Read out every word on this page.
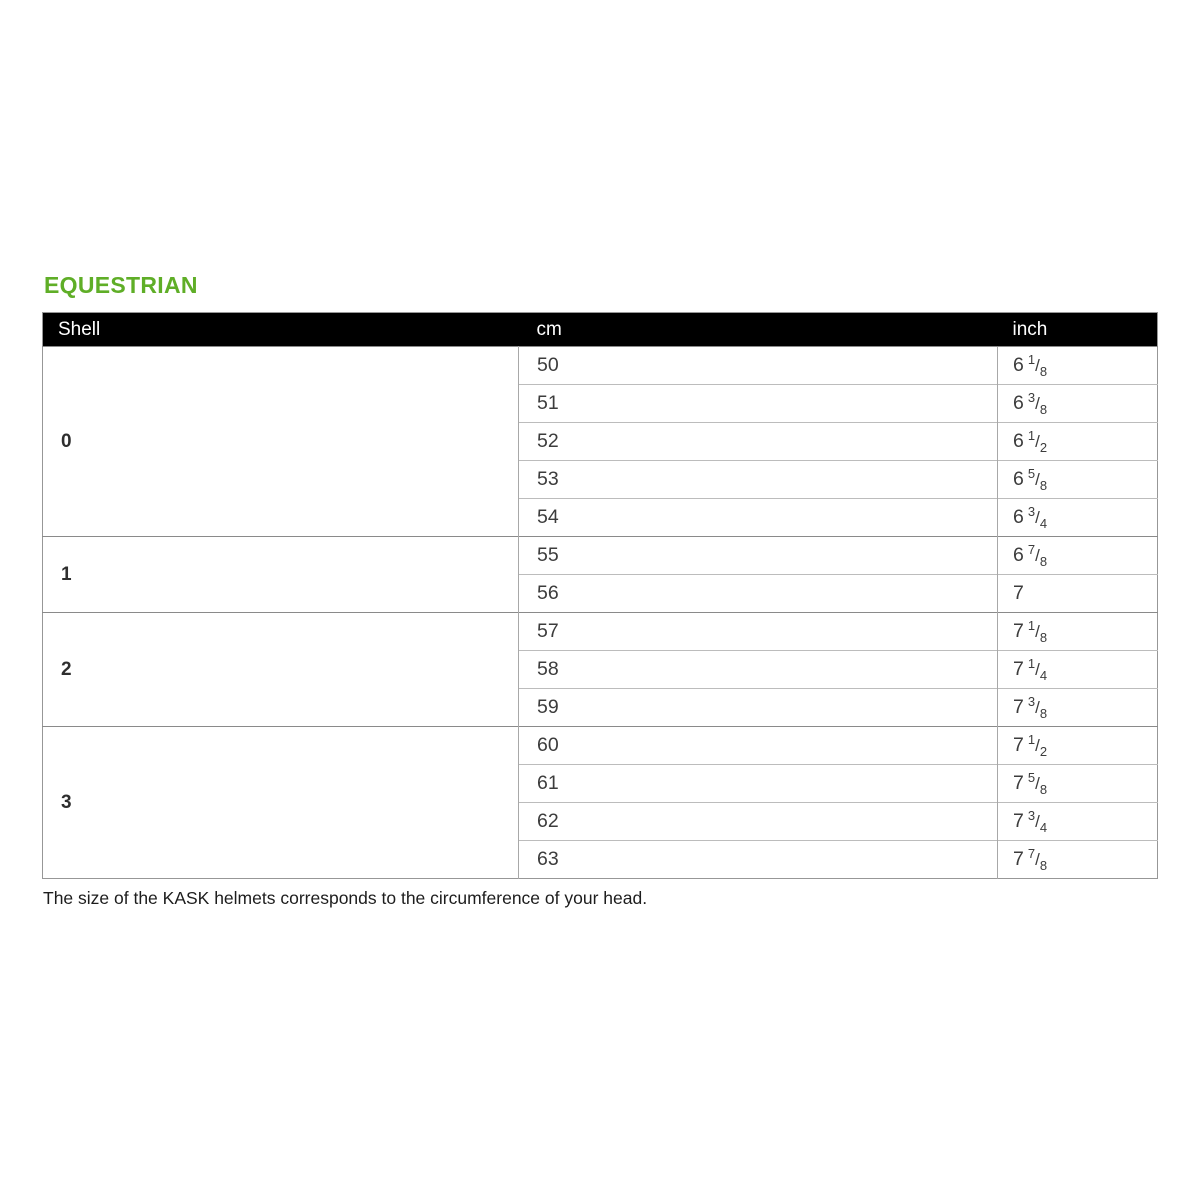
EQUESTRIAN
Shell	cm	inch
0	50	6 $^1/_8$
	51	6 $^3/_8$
	52	6 $^1/_2$
	53	6 $^5/_8$
	54	6 $^3/_4$
1	55	6 $^7/_8$
	56	7
2	57	7 $^1/_8$
	58	7 $^1/_4$
	59	7 $^3/_8$
3	60	7 $^1/_2$
	61	7 $^5/_8$
	62	7 $^3/_4$
	63	7 $^7/_8$

The size of the KASK helmets corresponds to the circumference of your head.
